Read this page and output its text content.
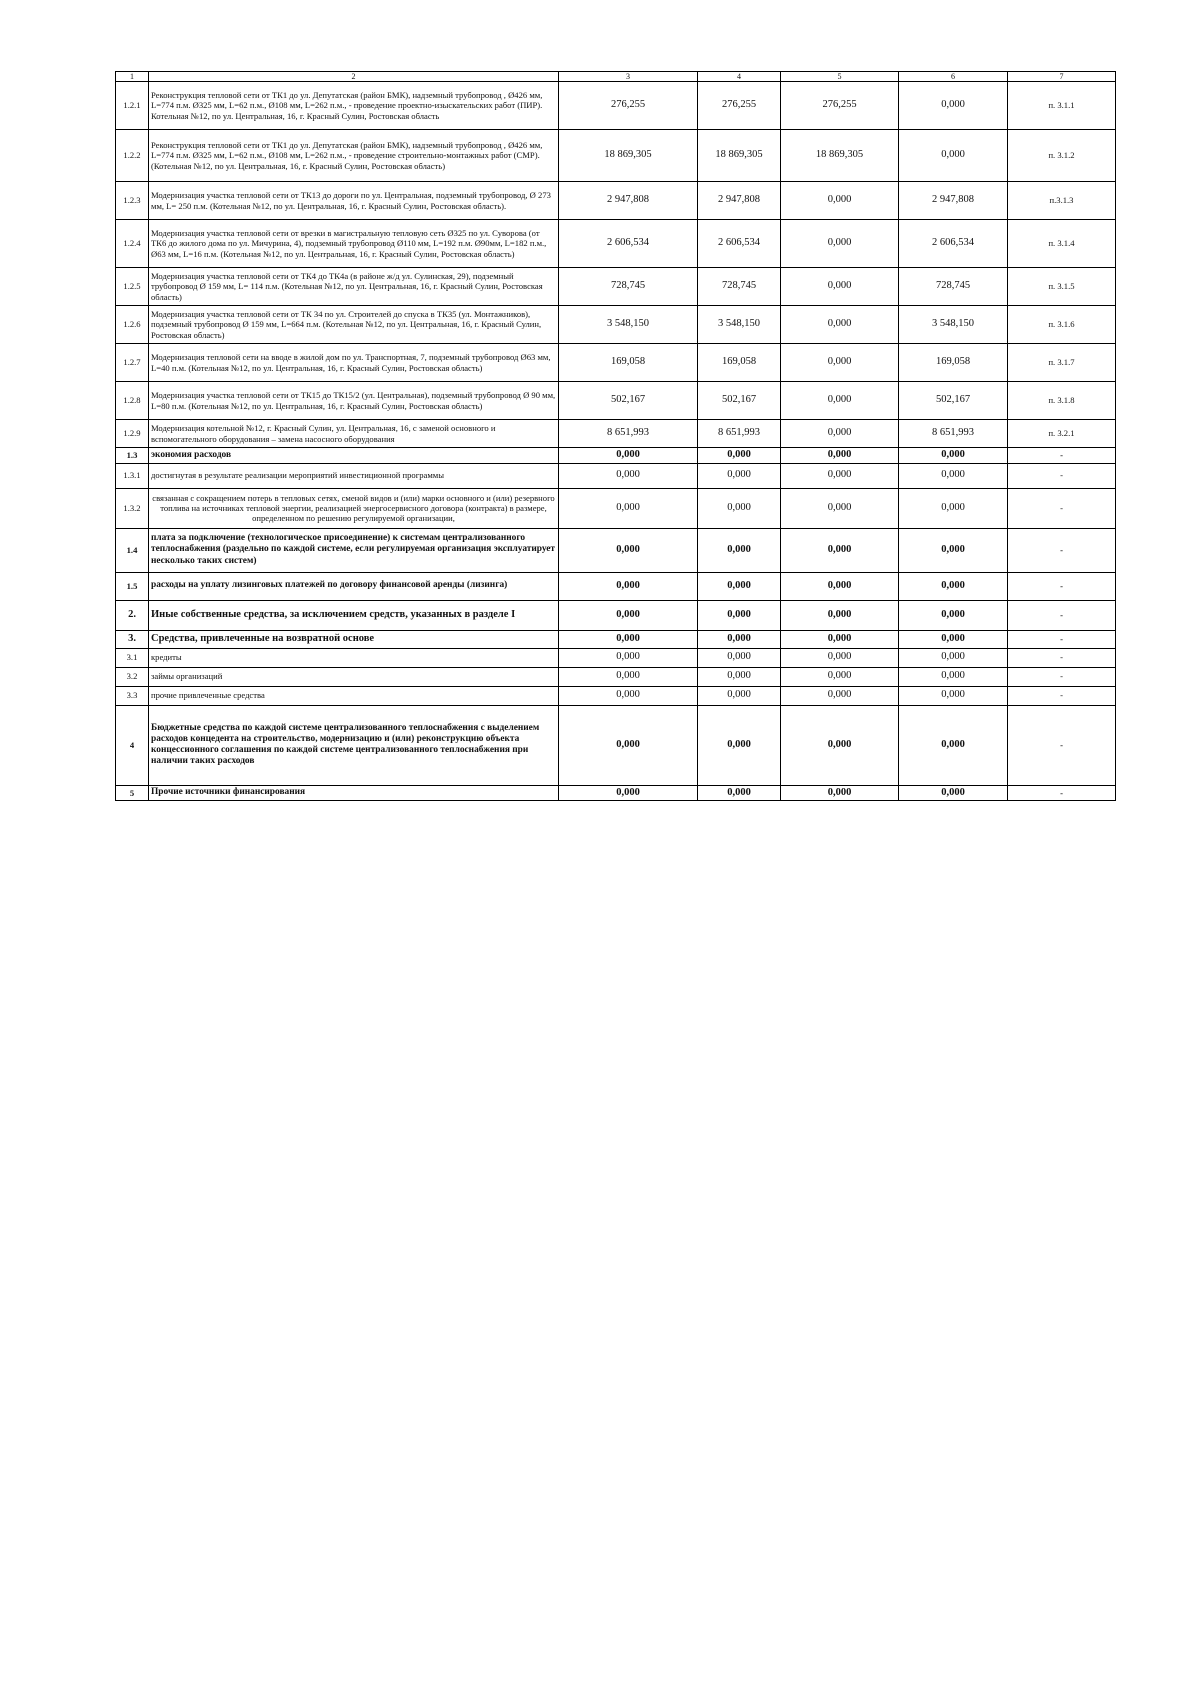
1	2	3	4	5	6	7
1.2.1	Реконструкция тепловой сети от ТК1 до ул. Депутатская (район БМК), надземный трубопровод , Ø426 мм, L=774 п.м. Ø325 мм, L=62 п.м., Ø108 мм, L=262 п.м., - проведение проектно-изыскательских работ (ПИР). Котельная №12, по ул. Центральная, 16, г. Красный Сулин, Ростовская область	276,255	276,255	276,255	0,000	п. 3.1.1
1.2.2	Реконструкция тепловой сети от ТК1 до ул. Депутатская (район БМК), надземный трубопровод , Ø426 мм, L=774 п.м. Ø325 мм, L=62 п.м., Ø108 мм, L=262 п.м., - проведение строительно-монтажных работ (СМР). (Котельная №12, по ул. Центральная, 16, г. Красный Сулин, Ростовская область)	18 869,305	18 869,305	18 869,305	0,000	п. 3.1.2
1.2.3	Модернизация участка тепловой сети от ТК13 до дороги по ул. Центральная, подземный трубопровод, Ø 273 мм, L= 250 п.м. (Котельная №12, по ул. Центральная, 16, г. Красный Сулин, Ростовская область).	2 947,808	2 947,808	0,000	2 947,808	п.3.1.3
1.2.4	Модернизация участка тепловой сети от врезки в магистральную тепловую сеть Ø325 по ул. Суворова (от ТК6 до жилого дома по ул. Мичурина, 4), подземный трубопровод Ø110 мм, L=192 п.м. Ø90мм, L=182 п.м., Ø63 мм, L=16 п.м. (Котельная №12, по ул. Центральная, 16, г. Красный Сулин, Ростовская область)	2 606,534	2 606,534	0,000	2 606,534	п. 3.1.4
1.2.5	Модернизация участка тепловой сети от ТК4 до ТК4а (в районе ж/д ул. Сулинская, 29), подземный трубопровод Ø 159 мм, L= 114 п.м. (Котельная №12, по ул. Центральная, 16, г. Красный Сулин, Ростовская область)	728,745	728,745	0,000	728,745	п. 3.1.5
1.2.6	Модернизация участка тепловой сети от ТК 34 по ул. Строителей до спуска в ТК35 (ул. Монтажников), подземный трубопровод Ø 159 мм, L=664 п.м. (Котельная №12, по ул. Центральная, 16, г. Красный Сулин, Ростовская область)	3 548,150	3 548,150	0,000	3 548,150	п. 3.1.6
1.2.7	Модернизация тепловой сети на вводе в жилой дом по ул. Транспортная, 7, подземный трубопровод Ø63 мм, L=40 п.м. (Котельная №12, по ул. Центральная, 16, г. Красный Сулин, Ростовская область)	169,058	169,058	0,000	169,058	п. 3.1.7
1.2.8	Модернизация участка тепловой сети от ТК15 до ТК15/2 (ул. Центральная), подземный трубопровод Ø 90 мм, L=80 п.м. (Котельная №12, по ул. Центральная, 16, г. Красный Сулин, Ростовская область)	502,167	502,167	0,000	502,167	п. 3.1.8
1.2.9	Модернизация котельной №12, г. Красный Сулин, ул. Центральная, 16, с заменой основного и вспомогательного оборудования – замена насосного оборудования	8 651,993	8 651,993	0,000	8 651,993	п. 3.2.1
1.3	экономия расходов	0,000	0,000	0,000	0,000	-
1.3.1	достигнутая в результате реализации мероприятий инвестиционной программы	0,000	0,000	0,000	0,000	-
1.3.2	связанная с сокращением потерь в тепловых сетях, сменой видов и (или) марки основного и (или) резервного топлива на источниках тепловой энергии, реализацией энергосервисного договора (контракта) в размере, определенном по решению регулируемой организации,	0,000	0,000	0,000	0,000	-
1.4	плата за подключение (технологическое присоединение) к системам централизованного теплоснабжения (раздельно по каждой системе, если регулируемая организация эксплуатирует несколько таких систем)	0,000	0,000	0,000	0,000	-
1.5	расходы на уплату лизинговых платежей по договору финансовой аренды (лизинга)	0,000	0,000	0,000	0,000	-
2.	Иные собственные средства, за исключением средств, указанных в разделе I	0,000	0,000	0,000	0,000	-
3.	Средства, привлеченные на возвратной основе	0,000	0,000	0,000	0,000	-
3.1	кредиты	0,000	0,000	0,000	0,000	-
3.2	займы организаций	0,000	0,000	0,000	0,000	-
3.3	прочие привлеченные средства	0,000	0,000	0,000	0,000	-
4	Бюджетные средства по каждой системе централизованного теплоснабжения с выделением расходов концедента на строительство, модернизацию и (или) реконструкцию объекта концессионного соглашения по каждой системе централизованного теплоснабжения при наличии таких расходов	0,000	0,000	0,000	0,000	-
5	Прочие источники финансирования	0,000	0,000	0,000	0,000	-
